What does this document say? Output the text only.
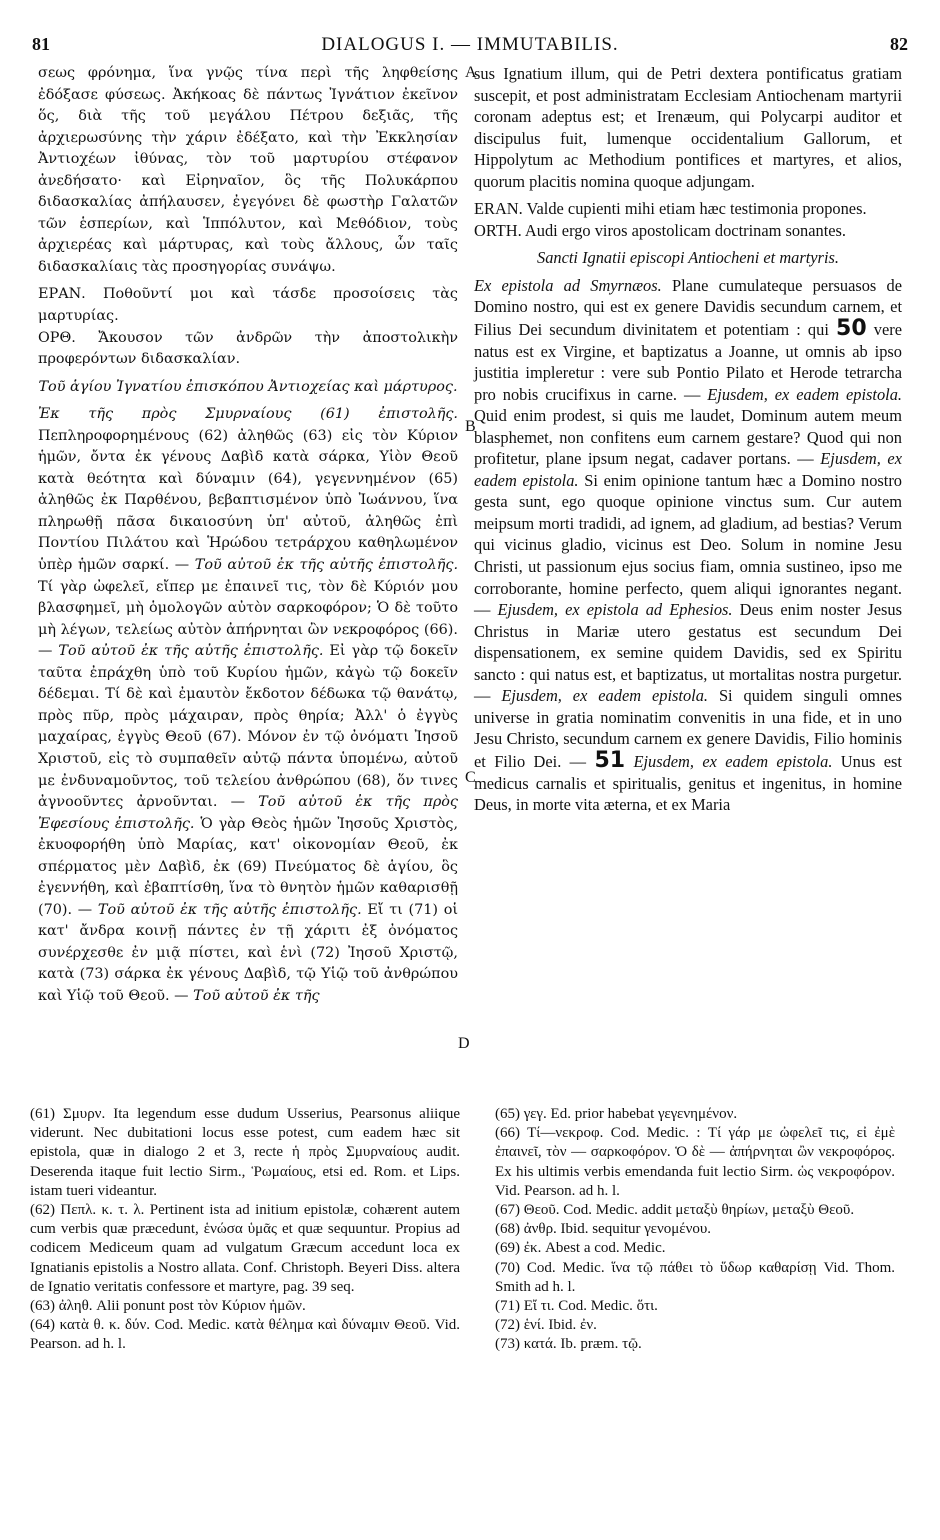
81	DIALOGUS I. — IMMUTABILIS.	82
A
B
C
D

σεως φρόνημα, ἵνα γνῷς τίνα περὶ τῆς ληφθείσης ἐδόξασε φύσεως. Ἀκήκοας δὲ πάντως Ἰγνάτιον ἐκεῖνον ὅς, διὰ τῆς τοῦ μεγάλου Πέτρου δεξιᾶς, τῆς ἀρχιερωσύνης τὴν χάριν ἐδέξατο, καὶ τὴν Ἐκκλησίαν Ἀντιοχέων ἰθύνας, τὸν τοῦ μαρτυρίου στέφανον ἀνεδήσατο· καὶ Εἰρηναῖον, ὃς τῆς Πολυκάρπου διδασκαλίας ἀπήλαυσεν, ἐγεγόνει δὲ φωστὴρ Γαλατῶν τῶν ἑσπερίων, καὶ Ἱππόλυτον, καὶ Μεθόδιον, τοὺς ἀρχιερέας καὶ μάρτυρας, καὶ τοὺς ἄλλους, ὧν ταῖς διδασκαλίαις τὰς προσηγορίας συνάψω.

ΕΡΑΝ. Ποθοῦντί μοι καὶ τάσδε προσοίσεις τὰς μαρτυρίας.

ΟΡΘ. Ἄκουσον τῶν ἀνδρῶν τὴν ἀποστολικὴν προφερόντων διδασκαλίαν.

Τοῦ ἁγίου Ἰγνατίου ἐπισκόπου Ἀντιοχείας καὶ μάρτυρος.

Ἐκ τῆς πρὸς Σμυρναίους (61) ἐπιστολῆς. Πεπληροφορημένους (62) ἀληθῶς (63) εἰς τὸν Κύριον ἡμῶν, ὄντα ἐκ γένους Δαβὶδ κατὰ σάρκα, Υἱὸν Θεοῦ κατὰ θεότητα καὶ δύναμιν (64), γεγεννημένον (65) ἀληθῶς ἐκ Παρθένου, βεβαπτισμένον ὑπὸ Ἰωάννου, ἵνα πληρωθῇ πᾶσα δικαιοσύνη ὑπ' αὐτοῦ, ἀληθῶς ἐπὶ Ποντίου Πιλάτου καὶ Ἡρώδου τετράρχου καθηλωμένον ὑπὲρ ἡμῶν σαρκί. — Τοῦ αὐτοῦ ἐκ τῆς αὐτῆς ἐπιστολῆς. Τί γὰρ ὠφελεῖ, εἴπερ με ἐπαινεῖ τις, τὸν δὲ Κύριόν μου βλασφημεῖ, μὴ ὁμολογῶν αὐτὸν σαρκοφόρον; Ὁ δὲ τοῦτο μὴ λέγων, τελείως αὐτὸν ἀπήρνηται ὢν νεκροφόρος (66). — Τοῦ αὐτοῦ ἐκ τῆς αὐτῆς ἐπιστολῆς. Εἰ γὰρ τῷ δοκεῖν ταῦτα ἐπράχθη ὑπὸ τοῦ Κυρίου ἡμῶν, κἀγὼ τῷ δοκεῖν δέδεμαι. Τί δὲ καὶ ἐμαυτὸν ἔκδοτον δέδωκα τῷ θανάτῳ, πρὸς πῦρ, πρὸς μάχαιραν, πρὸς θηρία; Ἀλλ' ὁ ἐγγὺς μαχαίρας, ἐγγὺς Θεοῦ (67). Μόνον ἐν τῷ ὀνόματι Ἰησοῦ Χριστοῦ, εἰς τὸ συμπαθεῖν αὐτῷ πάντα ὑπομένω, αὐτοῦ με ἐνδυναμοῦντος, τοῦ τελείου ἀνθρώπου (68), ὅν τινες ἀγνοοῦντες ἀρνοῦνται. — Τοῦ αὐτοῦ ἐκ τῆς πρὸς Ἐφεσίους ἐπιστολῆς. Ὁ γὰρ Θεὸς ἡμῶν Ἰησοῦς Χριστὸς, ἐκυοφορήθη ὑπὸ Μαρίας, κατ' οἰκονομίαν Θεοῦ, ἐκ σπέρματος μὲν Δαβὶδ, ἐκ (69) Πνεύματος δὲ ἁγίου, ὃς ἐγεννήθη, καὶ ἐβαπτίσθη, ἵνα τὸ θνητὸν ἡμῶν καθαρισθῇ (70). — Τοῦ αὐτοῦ ἐκ τῆς αὐτῆς ἐπιστολῆς. Εἴ τι (71) οἱ κατ' ἄνδρα κοινῇ πάντες ἐν τῇ χάριτι ἐξ ὀνόματος συνέρχεσθε ἐν μιᾷ πίστει, καὶ ἑνὶ (72) Ἰησοῦ Χριστῷ, κατὰ (73) σάρκα ἐκ γένους Δαβὶδ, τῷ Υἱῷ τοῦ ἀνθρώπου καὶ Υἱῷ τοῦ Θεοῦ. — Τοῦ αὐτοῦ ἐκ τῆς

sus Ignatium illum, qui de Petri dextera pontificatus gratiam suscepit, et post administratam Ecclesiam Antiochenam martyrii coronam adeptus est; et Irenæum, qui Polycarpi auditor et discipulus fuit, lumenque occidentalium Gallorum, et Hippolytum ac Methodium pontifices et martyres, et alios, quorum placitis nomina quoque adjungam.

ERAN. Valde cupienti mihi etiam hæc testimonia propones.

ORTH. Audi ergo viros apostolicam doctrinam sonantes.

Sancti Ignatii episcopi Antiocheni et martyris.

Ex epistola ad Smyrnæos. Plane cumulateque persuasos de Domino nostro, qui est ex genere Davidis secundum carnem, et Filius Dei secundum divinitatem et potentiam : qui 50 vere natus est ex Virgine, et baptizatus a Joanne, ut omnis ab ipso justitia impleretur : vere sub Pontio Pilato et Herode tetrarcha pro nobis crucifixus in carne. — Ejusdem, ex eadem epistola. Quid enim prodest, si quis me laudet, Dominum autem meum blasphemet, non confitens eum carnem gestare? Quod qui non profitetur, plane ipsum negat, cadaver portans. — Ejusdem, ex eadem epistola. Si enim opinione tantum hæc a Domino nostro gesta sunt, ego quoque opinione vinctus sum. Cur autem meipsum morti tradidi, ad ignem, ad gladium, ad bestias? Verum qui vicinus gladio, vicinus est Deo. Solum in nomine Jesu Christi, ut passionum ejus socius fiam, omnia sustineo, ipso me corroborante, homine perfecto, quem aliqui ignorantes negant. — Ejusdem, ex epistola ad Ephesios. Deus enim noster Jesus Christus in Mariæ utero gestatus est secundum Dei dispensationem, ex semine quidem Davidis, sed ex Spiritu sancto : qui natus est, et baptizatus, ut mortalitas nostra purgetur. — Ejusdem, ex eadem epistola. Si quidem singuli omnes universe in gratia nominatim convenitis in una fide, et in uno Jesu Christo, secundum carnem ex genere Davidis, Filio hominis et Filio Dei. — 51 Ejusdem, ex eadem epistola. Unus est medicus carnalis et spiritualis, genitus et ingenitus, in homine Deus, in morte vita æterna, et ex Maria

(61) Σμυρν. Ita legendum esse dudum Usserius, Pearsonus aliique viderunt. Nec dubitationi locus esse potest, cum eadem hæc sit epistola, quæ in dialogo 2 et 3, recte ἡ πρὸς Σμυρναίους audit. Deserenda itaque fuit lectio Sirm., Ῥωμαίους, etsi ed. Rom. et Lips. istam tueri videantur.

(62) Πεπλ. κ. τ. λ. Pertinent ista ad initium epistolæ, cohærent autem cum verbis quæ præcedunt, ἑνώσα ὑμᾶς et quæ sequuntur. Propius ad codicem Mediceum quam ad vulgatum Græcum accedunt loca ex Ignatianis epistolis a Nostro allata. Conf. Christoph. Beyeri Diss. altera de Ignatio veritatis confessore et martyre, pag. 39 seq.

(63) ἀληθ. Alii ponunt post τὸν Κύριον ἡμῶν.

(64) κατὰ θ. κ. δύν. Cod. Medic. κατὰ θέλημα καὶ δύναμιν Θεοῦ. Vid. Pearson. ad h. l.

(65) γεγ. Ed. prior habebat γεγενημένον.

(66) Τί—νεκροφ. Cod. Medic. : Τί γάρ με ὠφελεῖ τις, εἰ ἐμὲ ἐπαινεῖ, τὸν — σαρκοφόρον. Ὁ δὲ — ἀπήρνηται ὢν νεκροφόρος. Ex his ultimis verbis emendanda fuit lectio Sirm. ὡς νεκροφόρον. Vid. Pearson. ad h. l.

(67) Θεοῦ. Cod. Medic. addit μεταξὺ θηρίων, μεταξὺ Θεοῦ.

(68) ἀνθρ. Ibid. sequitur γενομένου.

(69) ἐκ. Abest a cod. Medic.

(70) Cod. Medic. ἵνα τῷ πάθει τὸ ὕδωρ καθαρίσῃ Vid. Thom. Smith ad h. l.

(71) Εἴ τι. Cod. Medic. ὅτι.

(72) ἑνί. Ibid. ἐν.

(73) κατά. Ib. præm. τῷ.
